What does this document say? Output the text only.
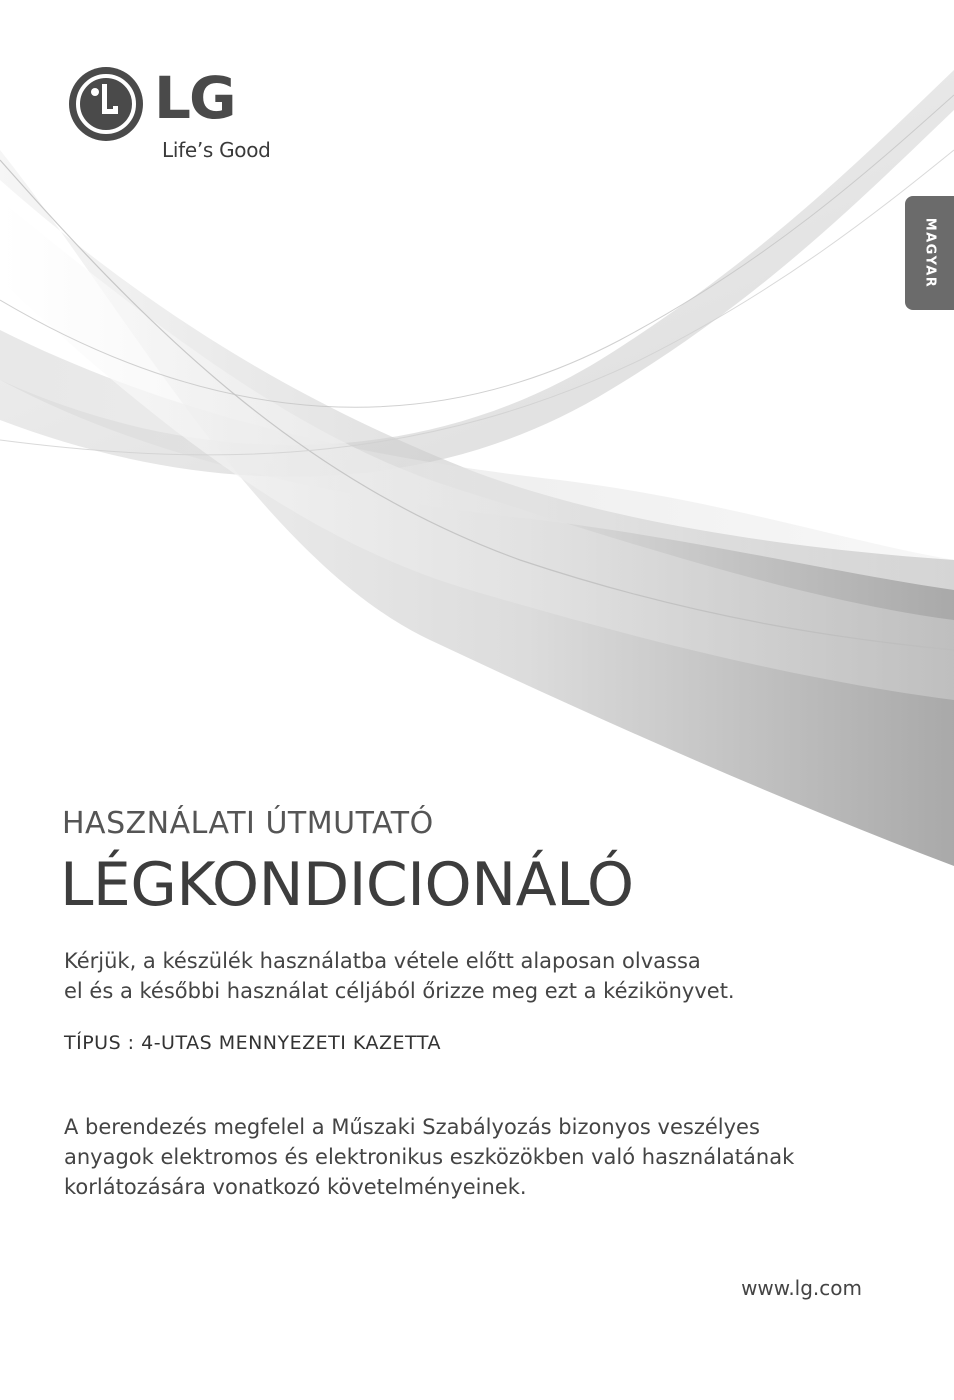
LG
Life’s Good
MAGYAR
HASZNÁLATI ÚTMUTATÓ
LÉGKONDICIONÁLÓ
Kérjük, a készülék használatba vétele előtt alaposan olvassa
el és a későbbi használat céljából őrizze meg ezt a kézikönyvet.
TÍPUS : 4-UTAS MENNYEZETI KAZETTA
A berendezés megfelel a Műszaki Szabályozás bizonyos veszélyes
anyagok elektromos és elektronikus eszközökben való használatának
korlátozására vonatkozó követelményeinek.
www.lg.com
